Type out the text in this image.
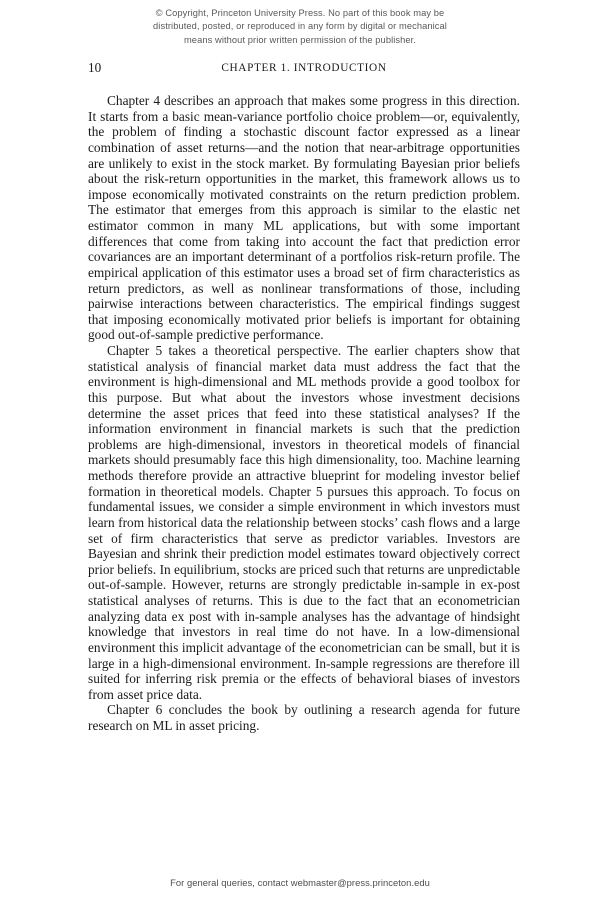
© Copyright, Princeton University Press. No part of this book may be
distributed, posted, or reproduced in any form by digital or mechanical
means without prior written permission of the publisher.
10	CHAPTER 1. INTRODUCTION

Chapter 4 describes an approach that makes some progress in this direction. It starts from a basic mean-variance portfolio choice problem—or, equivalently, the problem of finding a stochastic discount factor expressed as a linear combination of asset returns—and the notion that near-arbitrage opportunities are unlikely to exist in the stock market. By formulating Bayesian prior beliefs about the risk-return opportunities in the market, this framework allows us to impose economically motivated constraints on the return prediction problem. The estimator that emerges from this approach is similar to the elastic net estimator common in many ML applications, but with some important differences that come from taking into account the fact that prediction error covariances are an important determinant of a portfolios risk-return profile. The empirical application of this estimator uses a broad set of firm characteristics as return predictors, as well as nonlinear transformations of those, including pairwise interactions between characteristics. The empirical findings suggest that imposing economically motivated prior beliefs is important for obtaining good out-of-sample predictive performance.

Chapter 5 takes a theoretical perspective. The earlier chapters show that statistical analysis of financial market data must address the fact that the environment is high-dimensional and ML methods provide a good toolbox for this purpose. But what about the investors whose investment decisions determine the asset prices that feed into these statistical analyses? If the information environment in financial markets is such that the prediction problems are high-dimensional, investors in theoretical models of financial markets should presumably face this high dimensionality, too. Machine learning methods therefore provide an attractive blueprint for modeling investor belief formation in theoretical models. Chapter 5 pursues this approach. To focus on fundamental issues, we consider a simple environment in which investors must learn from historical data the relationship between stocks’ cash flows and a large set of firm characteristics that serve as predictor variables. Investors are Bayesian and shrink their prediction model estimates toward objectively correct prior beliefs. In equilibrium, stocks are priced such that returns are unpredictable out-of-sample. However, returns are strongly predictable in-sample in ex-post statistical analyses of returns. This is due to the fact that an econometrician analyzing data ex post with in-sample analyses has the advantage of hindsight knowledge that investors in real time do not have. In a low-dimensional environment this implicit advantage of the econometrician can be small, but it is large in a high-dimensional environment. In-sample regressions are therefore ill suited for inferring risk premia or the effects of behavioral biases of investors from asset price data.

Chapter 6 concludes the book by outlining a research agenda for future research on ML in asset pricing.

For general queries, contact webmaster@press.princeton.edu
